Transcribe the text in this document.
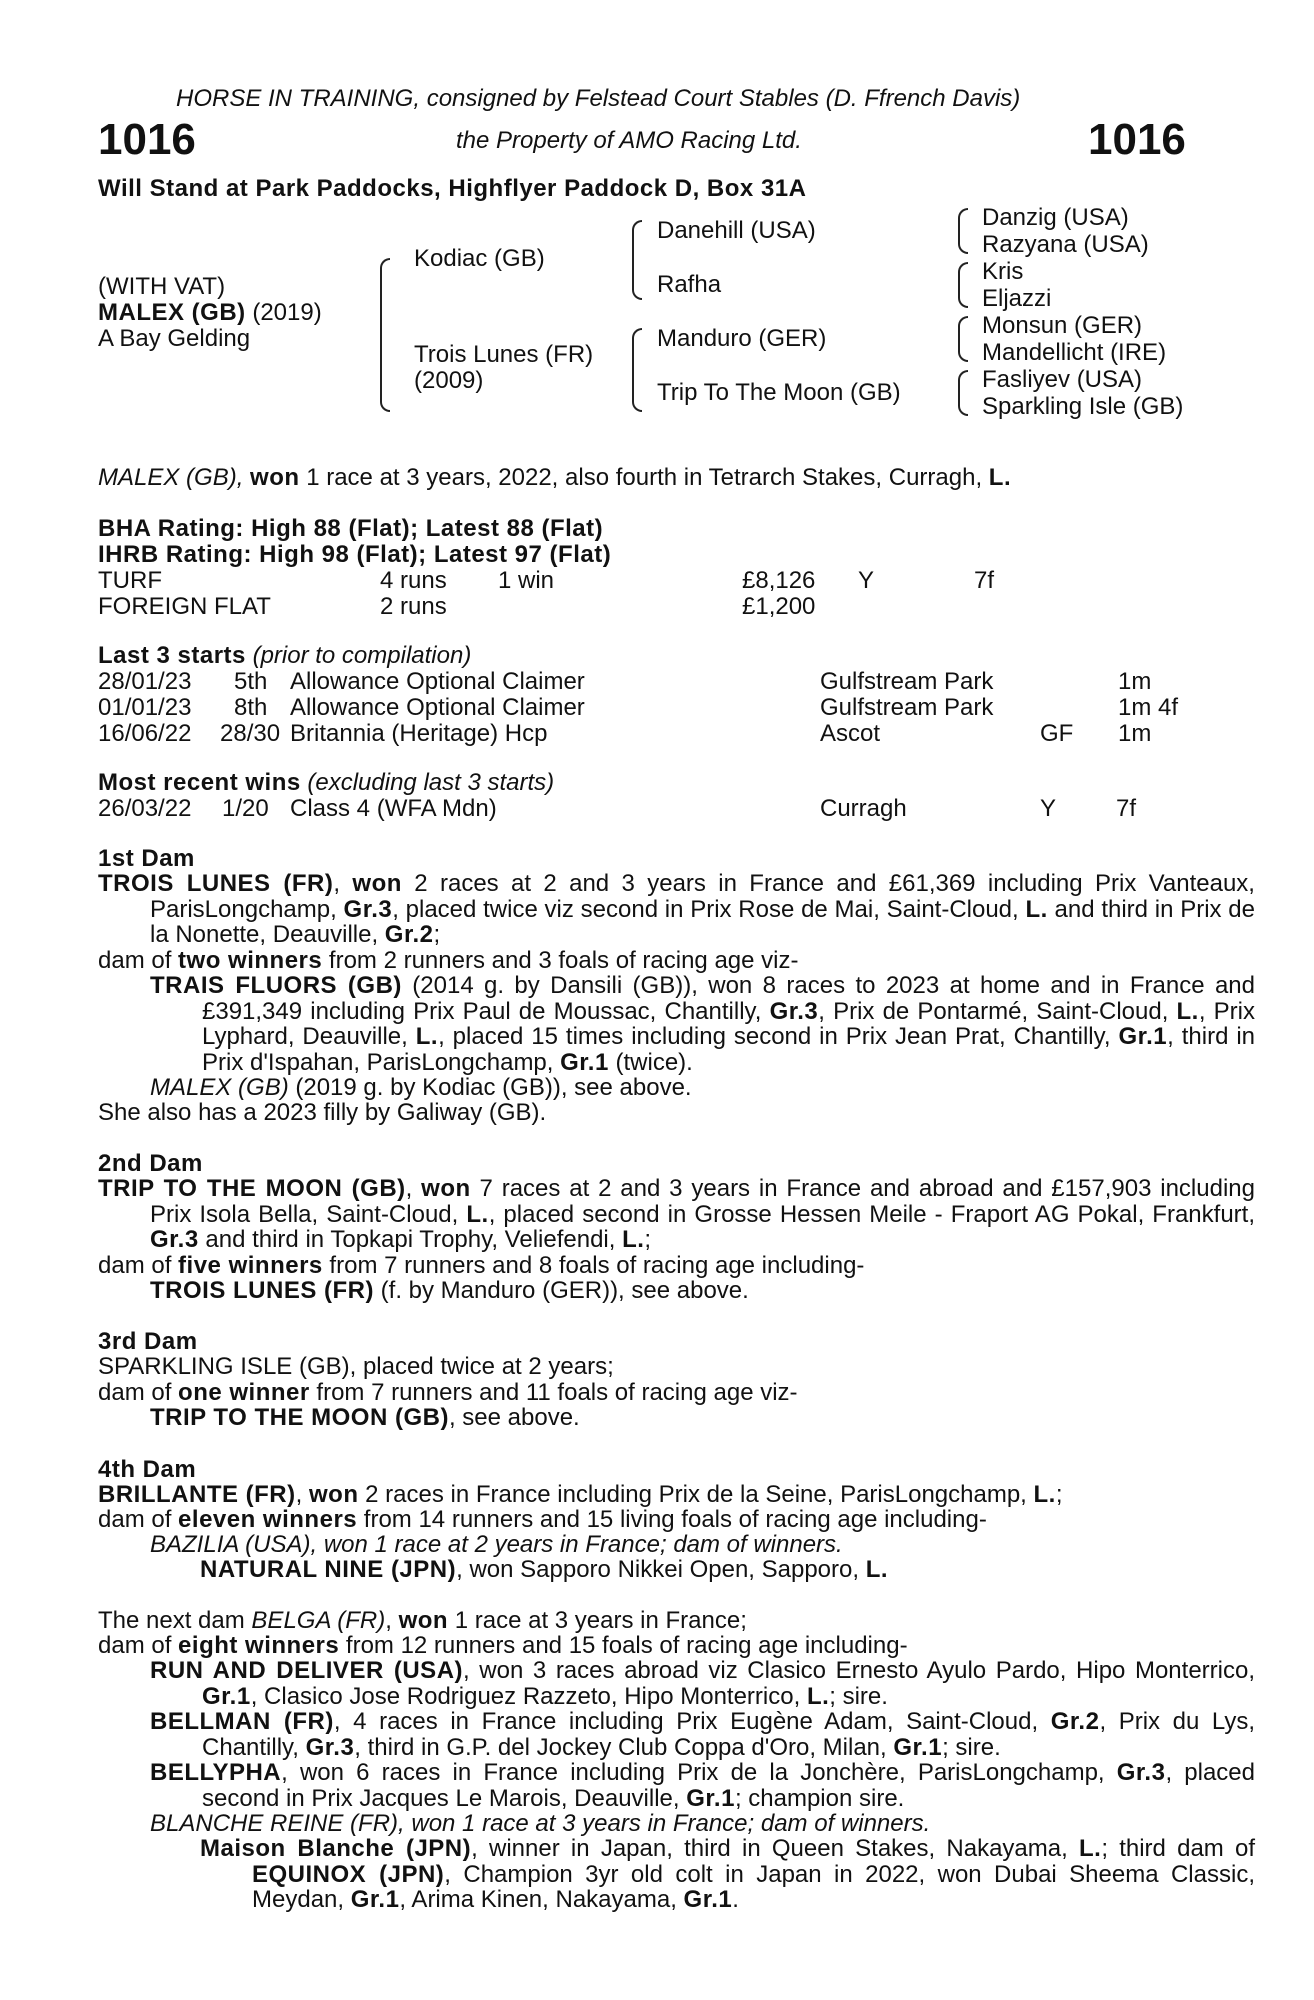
HORSE IN TRAINING, consigned by Felstead Court Stables (D. Ffrench Davis)
1016	the Property of AMO Racing Ltd.	1016
Will Stand at Park Paddocks, Highflyer Paddock D, Box 31A
(WITH VAT)
MALEX (GB) (2019)
A Bay Gelding
Kodiac (GB)
Trois Lunes (FR)
(2009)
Danehill (USA)
Rafha
Manduro (GER)
Trip To The Moon (GB)
Danzig (USA)
Razyana (USA)
Kris
Eljazzi
Monsun (GER)
Mandellicht (IRE)
Fasliyev (USA)
Sparkling Isle (GB)
MALEX (GB), won 1 race at 3 years, 2022, also fourth in Tetrarch Stakes, Curragh, L.
BHA Rating: High 88 (Flat); Latest 88 (Flat)
IHRB Rating: High 98 (Flat); Latest 97 (Flat)
TURF	4 runs 1 win	£8,126 Y	7f
FOREIGN FLAT	2 runs	£1,200
Last 3 starts (prior to compilation)
28/01/23 5th Allowance Optional Claimer	Gulfstream Park	1m
01/01/23 8th Allowance Optional Claimer	Gulfstream Park	1m 4f
16/06/22 28/30 Britannia (Heritage) Hcp	Ascot	GF 1m
Most recent wins (excluding last 3 starts)
26/03/22 1/20 Class 4 (WFA Mdn)	Curragh	Y 7f
1st Dam
TROIS LUNES (FR), won 2 races at 2 and 3 years in France and £61,369 including Prix Vanteaux, ParisLongchamp, Gr.3, placed twice viz second in Prix Rose de Mai, Saint-Cloud, L. and third in Prix de la Nonette, Deauville, Gr.2;
dam of two winners from 2 runners and 3 foals of racing age viz-
TRAIS FLUORS (GB) (2014 g. by Dansili (GB)), won 8 races to 2023 at home and in France and £391,349 including Prix Paul de Moussac, Chantilly, Gr.3, Prix de Pontarmé, Saint-Cloud, L., Prix Lyphard, Deauville, L., placed 15 times including second in Prix Jean Prat, Chantilly, Gr.1, third in Prix d'Ispahan, ParisLongchamp, Gr.1 (twice).
MALEX (GB) (2019 g. by Kodiac (GB)), see above.
She also has a 2023 filly by Galiway (GB).
2nd Dam
TRIP TO THE MOON (GB), won 7 races at 2 and 3 years in France and abroad and £157,903 including Prix Isola Bella, Saint-Cloud, L., placed second in Grosse Hessen Meile - Fraport AG Pokal, Frankfurt, Gr.3 and third in Topkapi Trophy, Veliefendi, L.;
dam of five winners from 7 runners and 8 foals of racing age including-
TROIS LUNES (FR) (f. by Manduro (GER)), see above.
3rd Dam
SPARKLING ISLE (GB), placed twice at 2 years;
dam of one winner from 7 runners and 11 foals of racing age viz-
TRIP TO THE MOON (GB), see above.
4th Dam
BRILLANTE (FR), won 2 races in France including Prix de la Seine, ParisLongchamp, L.;
dam of eleven winners from 14 runners and 15 living foals of racing age including-
BAZILIA (USA), won 1 race at 2 years in France; dam of winners.
NATURAL NINE (JPN), won Sapporo Nikkei Open, Sapporo, L.
The next dam BELGA (FR), won 1 race at 3 years in France;
dam of eight winners from 12 runners and 15 foals of racing age including-
RUN AND DELIVER (USA), won 3 races abroad viz Clasico Ernesto Ayulo Pardo, Hipo Monterrico, Gr.1, Clasico Jose Rodriguez Razzeto, Hipo Monterrico, L.; sire.
BELLMAN (FR), 4 races in France including Prix Eugène Adam, Saint-Cloud, Gr.2, Prix du Lys, Chantilly, Gr.3, third in G.P. del Jockey Club Coppa d'Oro, Milan, Gr.1; sire.
BELLYPHA, won 6 races in France including Prix de la Jonchère, ParisLongchamp, Gr.3, placed second in Prix Jacques Le Marois, Deauville, Gr.1; champion sire.
BLANCHE REINE (FR), won 1 race at 3 years in France; dam of winners.
Maison Blanche (JPN), winner in Japan, third in Queen Stakes, Nakayama, L.; third dam of EQUINOX (JPN), Champion 3yr old colt in Japan in 2022, won Dubai Sheema Classic, Meydan, Gr.1, Arima Kinen, Nakayama, Gr.1.
